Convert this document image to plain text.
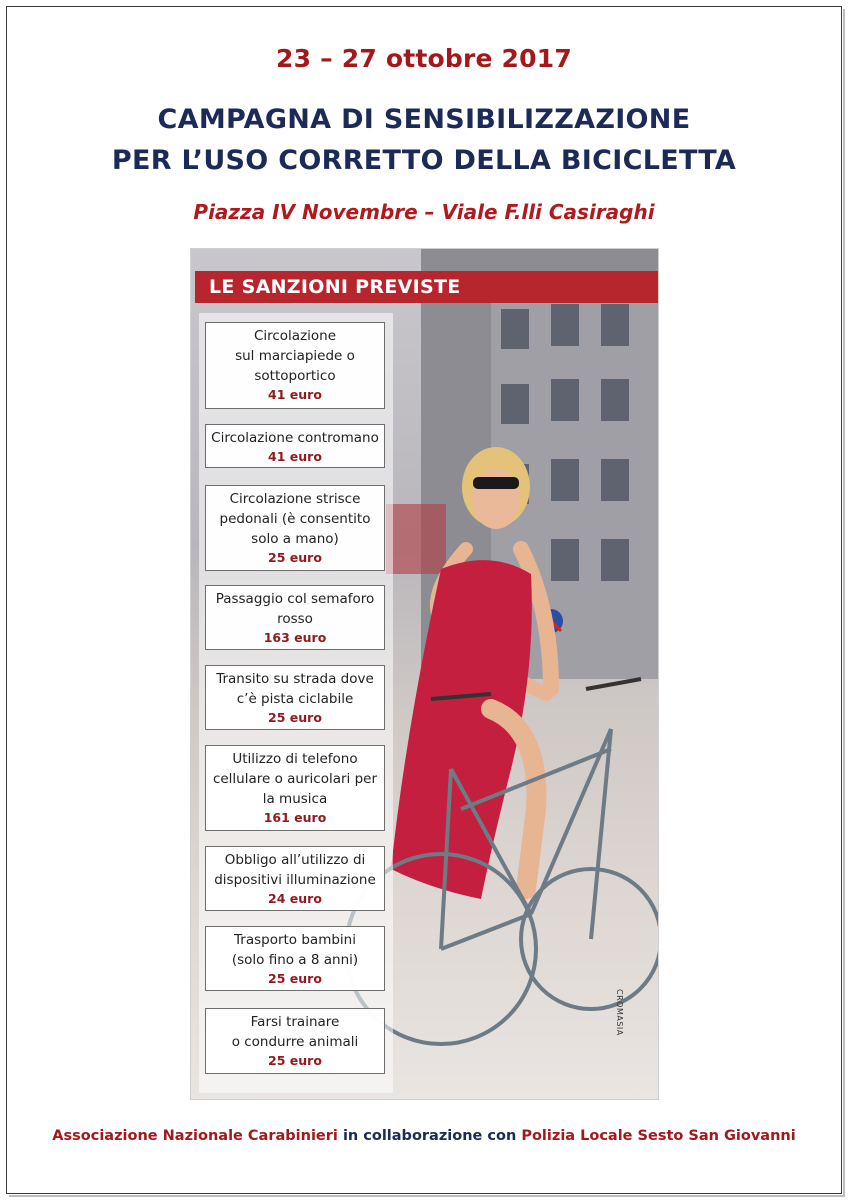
23 – 27 ottobre 2017
CAMPAGNA DI SENSIBILIZZAZIONE
PER L’USO CORRETTO DELLA BICICLETTA
Piazza IV Novembre – Viale F.lli Casiraghi
LE SANZIONI PREVISTE
Circolazione
sul marciapiede o
sottoportico
41 euro
Circolazione contromano
41 euro
Circolazione strisce
pedonali (è consentito
solo a mano)
25 euro
Passaggio col semaforo
rosso
163 euro
Transito su strada dove
c’è pista ciclabile
25 euro
Utilizzo di telefono
cellulare o auricolari per
la musica
161 euro
Obbligo all’utilizzo di
dispositivi illuminazione
24 euro
Trasporto bambini
(solo fino a 8 anni)
25 euro
Farsi trainare
o condurre animali
25 euro
CROMASIA
Associazione Nazionale Carabinieri in collaborazione con Polizia Locale Sesto San Giovanni
